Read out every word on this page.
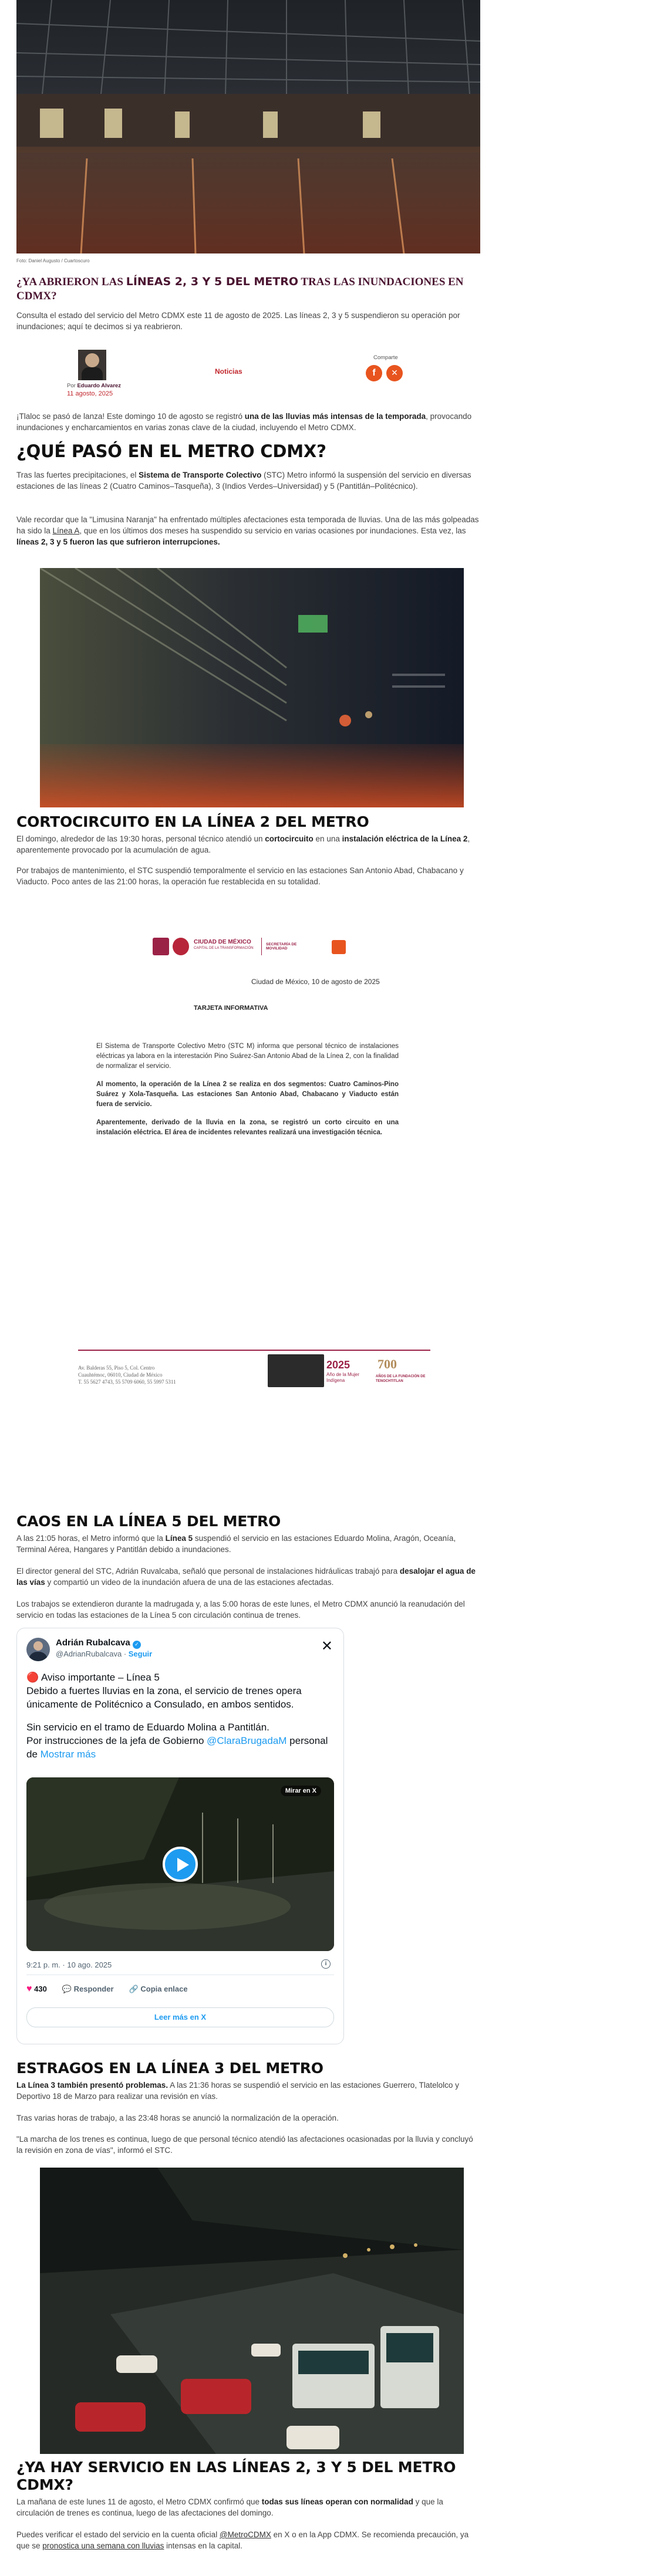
Foto: Daniel Augusto / Cuartoscuro
¿YA ABRIERON LAS LÍNEAS 2, 3 Y 5 DEL METRO TRAS LAS INUNDACIONES EN CDMX?

Consulta el estado del servicio del Metro CDMX este 11 de agosto de 2025. Las líneas 2, 3 y 5 suspendieron su operación por inundaciones; aquí te decimos si ya reabrieron.

Por Eduardo Alvarez
11 agosto, 2025
Noticias
Comparte
f	✕

¡Tlaloc se pasó de lanza! Este domingo 10 de agosto se registró una de las lluvias más intensas de la temporada, provocando inundaciones y encharcamientos en varias zonas clave de la ciudad, incluyendo el Metro CDMX.

¿QUÉ PASÓ EN EL METRO CDMX?

Tras las fuertes precipitaciones, el Sistema de Transporte Colectivo (STC) Metro informó la suspensión del servicio en diversas estaciones de las líneas 2 (Cuatro Caminos–Tasqueña), 3 (Indios Verdes–Universidad) y 5 (Pantitlán–Politécnico).

Vale recordar que la "Limusina Naranja" ha enfrentado múltiples afectaciones esta temporada de lluvias. Una de las más golpeadas ha sido la Línea A, que en los últimos dos meses ha suspendido su servicio en varias ocasiones por inundaciones. Esta vez, las líneas 2, 3 y 5 fueron las que sufrieron interrupciones.

CORTOCIRCUITO EN LA LÍNEA 2 DEL METRO

El domingo, alrededor de las 19:30 horas, personal técnico atendió un cortocircuito en una instalación eléctrica de la Línea 2, aparentemente provocado por la acumulación de agua.

Por trabajos de mantenimiento, el STC suspendió temporalmente el servicio en las estaciones San Antonio Abad, Chabacano y Viaducto. Poco antes de las 21:00 horas, la operación fue restablecida en su totalidad.

CIUDAD DE MÉXICO
CAPITAL DE LA TRANSFORMACIÓN
SECRETARÍA DE MOVILIDAD
Ciudad de México, 10 de agosto de 2025
TARJETA INFORMATIVA

El Sistema de Transporte Colectivo Metro (STC M) informa que personal técnico de instalaciones eléctricas ya labora en la interestación Pino Suárez-San Antonio Abad de la Línea 2, con la finalidad de normalizar el servicio.

Al momento, la operación de la Línea 2 se realiza en dos segmentos: Cuatro Caminos-Pino Suárez y Xola-Tasqueña. Las estaciones San Antonio Abad, Chabacano y Viaducto están fuera de servicio.

Aparentemente, derivado de la lluvia en la zona, se registró un corto circuito en una instalación eléctrica. El área de incidentes relevantes realizará una investigación técnica.

Av. Balderas 55, Piso 5, Col. Centro
Cuauhtémoc, 06010, Ciudad de México
T. 55 5627 4743, 55 5709 6060, 55 5997 5311
2025
Año de la Mujer Indígena
700
AÑOS DE LA FUNDACIÓN DE TENOCHTITLAN
CAOS EN LA LÍNEA 5 DEL METRO

A las 21:05 horas, el Metro informó que la Línea 5 suspendió el servicio en las estaciones Eduardo Molina, Aragón, Oceanía, Terminal Aérea, Hangares y Pantitlán debido a inundaciones.

El director general del STC, Adrián Ruvalcaba, señaló que personal de instalaciones hidráulicas trabajó para desalojar el agua de las vías y compartió un video de la inundación afuera de una de las estaciones afectadas.

Los trabajos se extendieron durante la madrugada y, a las 5:00 horas de este lunes, el Metro CDMX anunció la reanudación del servicio en todas las estaciones de la Línea 5 con circulación continua de trenes.

Adrián Rubalcava ✓
@AdrianRubalcava · Seguir	✕
🔴 Aviso importante – Línea 5
Debido a fuertes lluvias en la zona, el servicio de trenes opera únicamente de Politécnico a Consulado, en ambos sentidos.
Sin servicio en el tramo de Eduardo Molina a Pantitlán.
Por instrucciones de la jefa de Gobierno @ClaraBrugadaM personal de Mostrar más
Mirar en X
9:21 p. m. · 10 ago. 2025	i
♥ 430 💬 Responder 🔗 Copia enlace
Leer más en X
ESTRAGOS EN LA LÍNEA 3 DEL METRO

La Línea 3 también presentó problemas. A las 21:36 horas se suspendió el servicio en las estaciones Guerrero, Tlatelolco y Deportivo 18 de Marzo para realizar una revisión en vías.

Tras varias horas de trabajo, a las 23:48 horas se anunció la normalización de la operación.

"La marcha de los trenes es continua, luego de que personal técnico atendió las afectaciones ocasionadas por la lluvia y concluyó la revisión en zona de vías", informó el STC.

¿YA HAY SERVICIO EN LAS LÍNEAS 2, 3 Y 5 DEL METRO CDMX?

La mañana de este lunes 11 de agosto, el Metro CDMX confirmó que todas sus líneas operan con normalidad y que la circulación de trenes es continua, luego de las afectaciones del domingo.

Puedes verificar el estado del servicio en la cuenta oficial @MetroCDMX en X o en la App CDMX. Se recomienda precaución, ya que se pronostica una semana con lluvias intensas en la capital.
